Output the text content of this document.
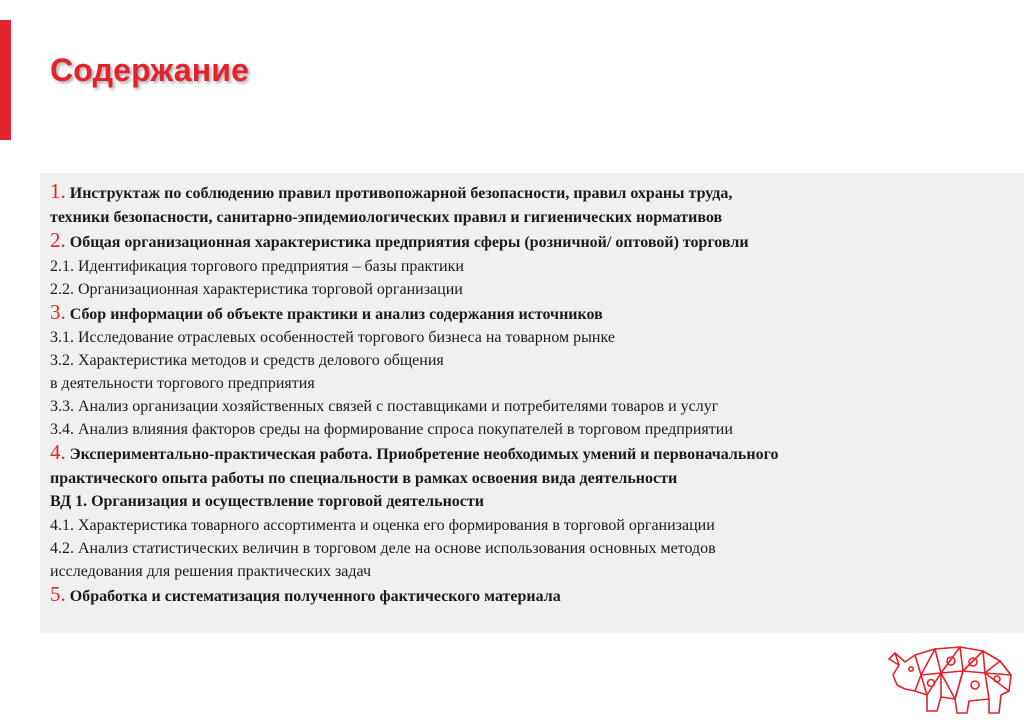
Содержание
1. Инструктаж по соблюдению правил противопожарной безопасности, правил охраны труда,
техники безопасности, санитарно-эпидемиологических правил и гигиенических нормативов
2. Общая организационная характеристика предприятия сферы (розничной/ оптовой) торговли
2.1. Идентификация торгового предприятия – базы практики
2.2. Организационная характеристика торговой организации
3. Сбор информации об объекте практики и анализ содержания источников
3.1. Исследование отраслевых особенностей торгового бизнеса на товарном рынке
3.2. Характеристика методов и средств делового общения
в деятельности торгового предприятия
3.3. Анализ организации хозяйственных связей с поставщиками и потребителями товаров и услуг
3.4. Анализ влияния факторов среды на формирование спроса покупателей в торговом предприятии
4. Экспериментально-практическая работа. Приобретение необходимых умений и первоначального
практического опыта работы по специальности в рамках освоения вида деятельности
ВД 1. Организация и осуществление торговой деятельности
4.1. Характеристика товарного ассортимента и оценка его формирования в торговой организации
4.2. Анализ статистических величин в торговом деле на основе использования основных методов
исследования для решения практических задач
5. Обработка и систематизация полученного фактического материала
